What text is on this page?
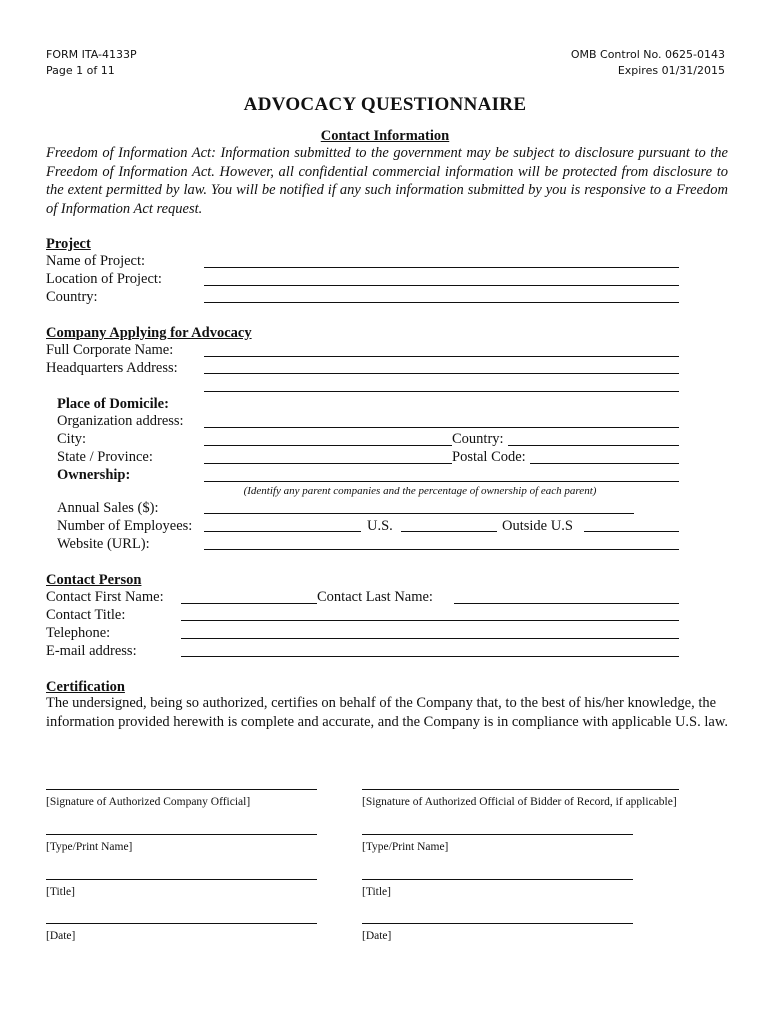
FORM ITA-4133P
Page 1 of 11
OMB Control No. 0625-0143
Expires 01/31/2015
ADVOCACY QUESTIONNAIRE
Contact Information
Freedom of Information Act: Information submitted to the government may be subject to disclosure pursuant to the Freedom of Information Act. However, all confidential commercial information will be protected from disclosure to the extent permitted by law. You will be notified if any such information submitted by you is responsive to a Freedom of Information Act request.
Project
Name of Project:
Location of Project:
Country:
Company Applying for Advocacy
Full Corporate Name:
Headquarters Address:
Place of Domicile:
Organization address:
City:	Country:
State / Province:	Postal Code:
Ownership:
(Identify any parent companies and the percentage of ownership of each parent)
Annual Sales ($):
Number of Employees:	U.S.	Outside U.S
Website (URL):
Contact Person
Contact First Name:	Contact Last Name:
Contact Title:
Telephone:
E-mail address:
Certification
The undersigned, being so authorized, certifies on behalf of the Company that, to the best of his/her knowledge, the information provided herewith is complete and accurate, and the Company is in compliance with applicable U.S. law.
[Signature of Authorized Company Official]	[Signature of Authorized Official of Bidder of Record, if applicable]
[Type/Print Name]	[Type/Print Name]
[Title]	[Title]
[Date]	[Date]
